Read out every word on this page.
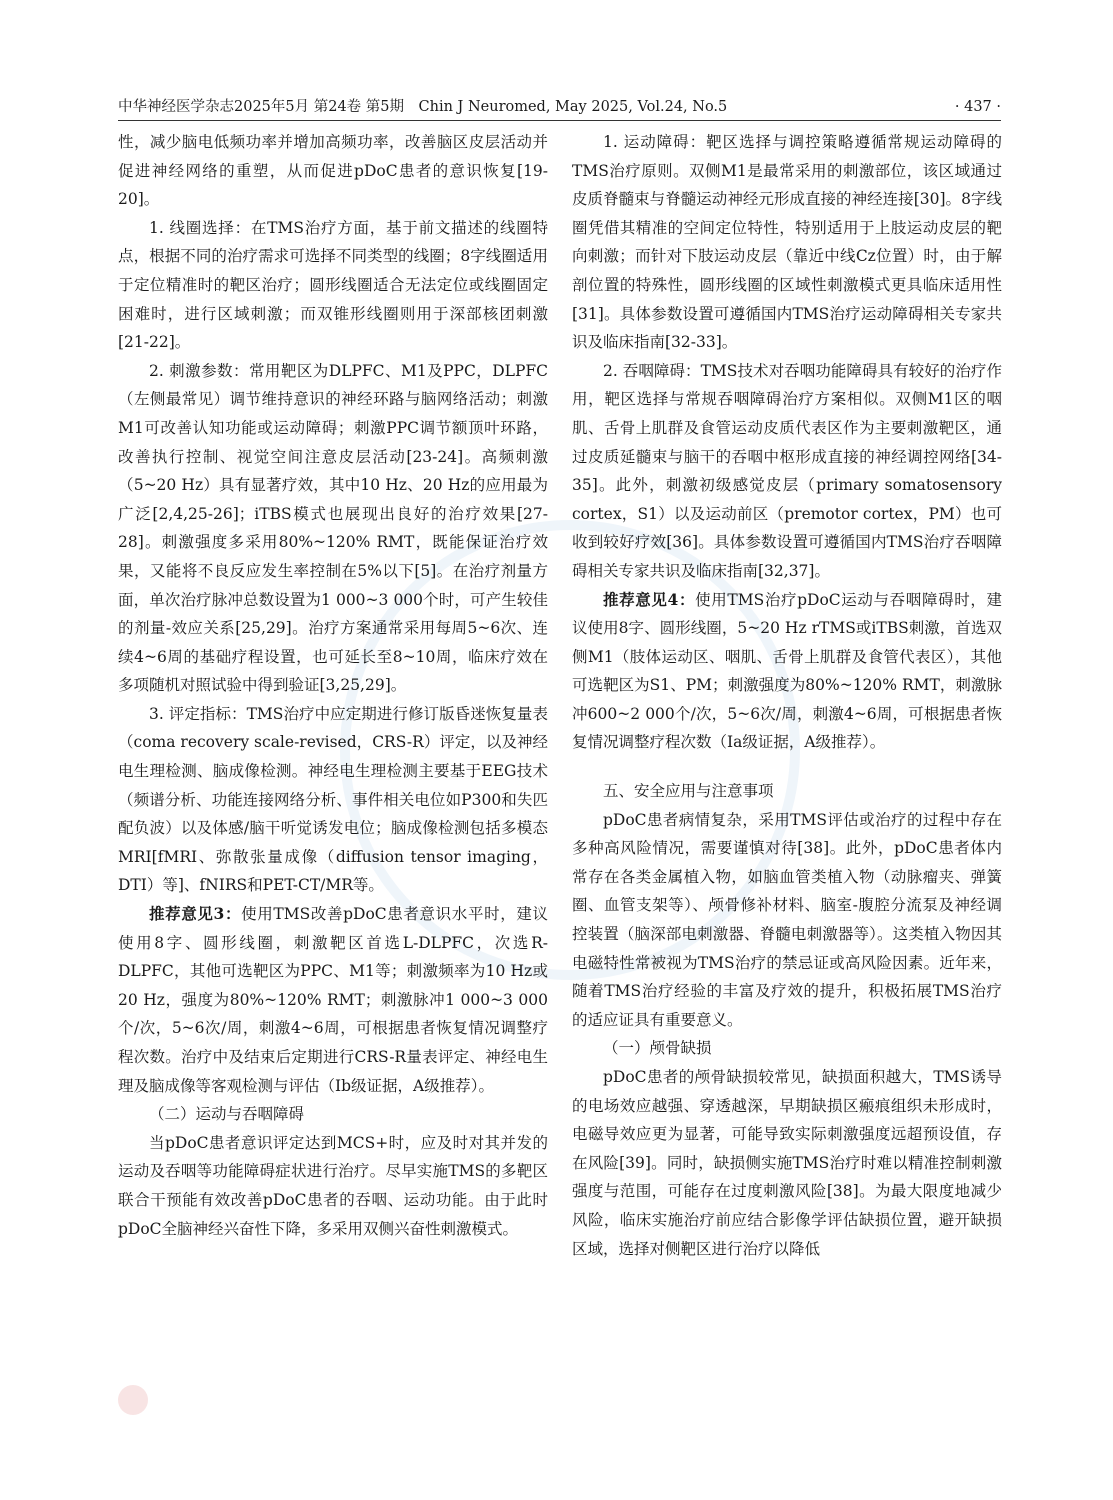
中华神经医学杂志2025年5月 第24卷 第5期　Chin J Neuromed, May 2025, Vol.24, No.5	· 437 ·

性，减少脑电低频功率并增加高频功率，改善脑区皮层活动并促进神经网络的重塑，从而促进pDoC患者的意识恢复[19-20]。

1. 线圈选择：在TMS治疗方面，基于前文描述的线圈特点，根据不同的治疗需求可选择不同类型的线圈；8字线圈适用于定位精准时的靶区治疗；圆形线圈适合无法定位或线圈固定困难时，进行区域刺激；而双锥形线圈则用于深部核团刺激[21-22]。

2. 刺激参数：常用靶区为DLPFC、M1及PPC，DLPFC（左侧最常见）调节维持意识的神经环路与脑网络活动；刺激M1可改善认知功能或运动障碍；刺激PPC调节额顶叶环路，改善执行控制、视觉空间注意皮层活动[23-24]。高频刺激（5~20 Hz）具有显著疗效，其中10 Hz、20 Hz的应用最为广泛[2,4,25-26]；iTBS模式也展现出良好的治疗效果[27-28]。刺激强度多采用80%~120% RMT，既能保证治疗效果，又能将不良反应发生率控制在5%以下[5]。在治疗剂量方面，单次治疗脉冲总数设置为1 000~3 000个时，可产生较佳的剂量-效应关系[25,29]。治疗方案通常采用每周5~6次、连续4~6周的基础疗程设置，也可延长至8~10周，临床疗效在多项随机对照试验中得到验证[3,25,29]。

3. 评定指标：TMS治疗中应定期进行修订版昏迷恢复量表（coma recovery scale-revised，CRS-R）评定，以及神经电生理检测、脑成像检测。神经电生理检测主要基于EEG技术（频谱分析、功能连接网络分析、事件相关电位如P300和失匹配负波）以及体感/脑干听觉诱发电位；脑成像检测包括多模态MRI[fMRI、弥散张量成像（diffusion tensor imaging，DTI）等]、fNIRS和PET-CT/MR等。

推荐意见3：使用TMS改善pDoC患者意识水平时，建议使用8字、圆形线圈，刺激靶区首选L-DLPFC，次选R-DLPFC，其他可选靶区为PPC、M1等；刺激频率为10 Hz或20 Hz，强度为80%~120% RMT；刺激脉冲1 000~3 000个/次，5~6次/周，刺激4~6周，可根据患者恢复情况调整疗程次数。治疗中及结束后定期进行CRS-R量表评定、神经电生理及脑成像等客观检测与评估（Ⅰb级证据，A级推荐）。

（二）运动与吞咽障碍

当pDoC患者意识评定达到MCS+时，应及时对其并发的运动及吞咽等功能障碍症状进行治疗。尽早实施TMS的多靶区联合干预能有效改善pDoC患者的吞咽、运动功能。由于此时pDoC全脑神经兴奋性下降，多采用双侧兴奋性刺激模式。

1. 运动障碍：靶区选择与调控策略遵循常规运动障碍的TMS治疗原则。双侧M1是最常采用的刺激部位，该区域通过皮质脊髓束与脊髓运动神经元形成直接的神经连接[30]。8字线圈凭借其精准的空间定位特性，特别适用于上肢运动皮层的靶向刺激；而针对下肢运动皮层（靠近中线Cz位置）时，由于解剖位置的特殊性，圆形线圈的区域性刺激模式更具临床适用性[31]。具体参数设置可遵循国内TMS治疗运动障碍相关专家共识及临床指南[32-33]。

2. 吞咽障碍：TMS技术对吞咽功能障碍具有较好的治疗作用，靶区选择与常规吞咽障碍治疗方案相似。双侧M1区的咽肌、舌骨上肌群及食管运动皮质代表区作为主要刺激靶区，通过皮质延髓束与脑干的吞咽中枢形成直接的神经调控网络[34-35]。此外，刺激初级感觉皮层（primary somatosensory cortex，S1）以及运动前区（premotor cortex，PM）也可收到较好疗效[36]。具体参数设置可遵循国内TMS治疗吞咽障碍相关专家共识及临床指南[32,37]。

推荐意见4：使用TMS治疗pDoC运动与吞咽障碍时，建议使用8字、圆形线圈，5~20 Hz rTMS或iTBS刺激，首选双侧M1（肢体运动区、咽肌、舌骨上肌群及食管代表区），其他可选靶区为S1、PM；刺激强度为80%~120% RMT，刺激脉冲600~2 000个/次，5~6次/周，刺激4~6周，可根据患者恢复情况调整疗程次数（Ⅰa级证据，A级推荐）。

五、安全应用与注意事项

pDoC患者病情复杂，采用TMS评估或治疗的过程中存在多种高风险情况，需要谨慎对待[38]。此外，pDoC患者体内常存在各类金属植入物，如脑血管类植入物（动脉瘤夹、弹簧圈、血管支架等）、颅骨修补材料、脑室-腹腔分流泵及神经调控装置（脑深部电刺激器、脊髓电刺激器等）。这类植入物因其电磁特性常被视为TMS治疗的禁忌证或高风险因素。近年来，随着TMS治疗经验的丰富及疗效的提升，积极拓展TMS治疗的适应证具有重要意义。

（一）颅骨缺损

pDoC患者的颅骨缺损较常见，缺损面积越大，TMS诱导的电场效应越强、穿透越深，早期缺损区瘢痕组织未形成时，电磁导效应更为显著，可能导致实际刺激强度远超预设值，存在风险[39]。同时，缺损侧实施TMS治疗时难以精准控制刺激强度与范围，可能存在过度刺激风险[38]。为最大限度地减少风险，临床实施治疗前应结合影像学评估缺损位置，避开缺损区域，选择对侧靶区进行治疗以降低
